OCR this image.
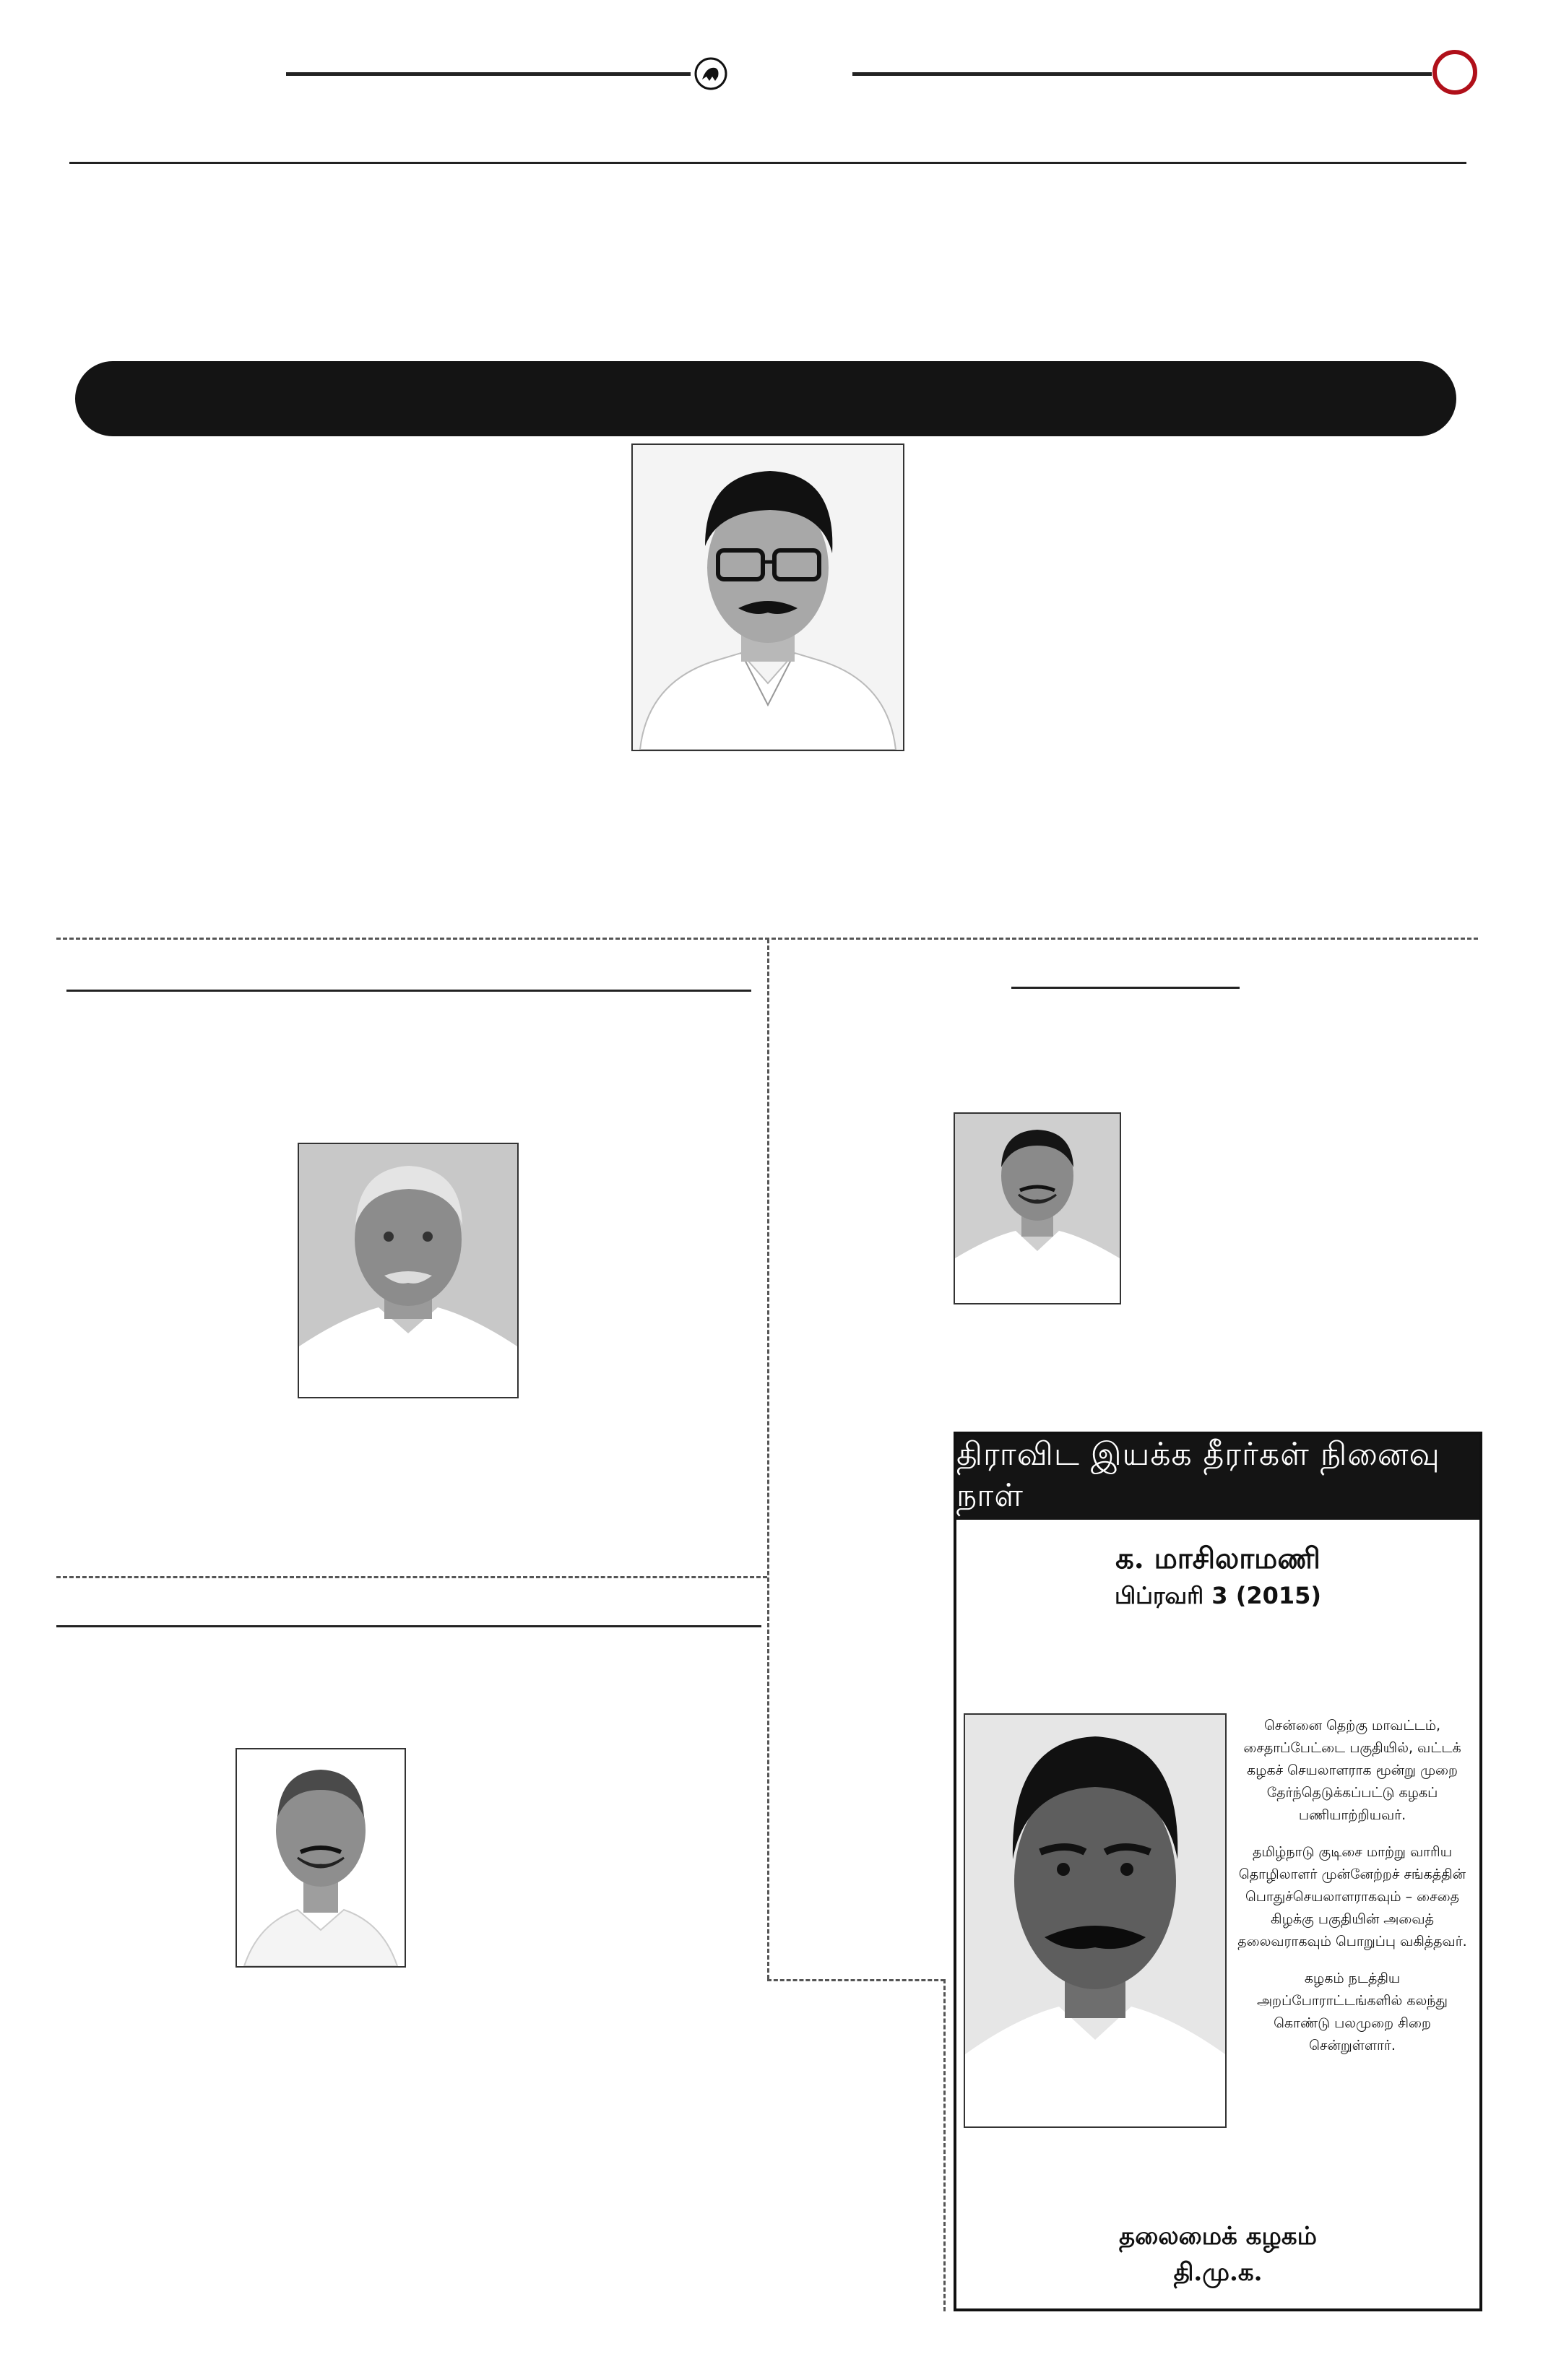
திராவிட இயக்க தீரர்கள் நினைவு நாள்
க. மாசிலாமணி
பிப்ரவரி 3 (2015)

சென்னை தெற்கு மாவட்டம், சைதாப்பேட்டை பகுதியில், வட்டக் கழகச் செயலாளராக மூன்று முறை தேர்ந்தெடுக்கப்பட்டு கழகப் பணியாற்றியவர்.

தமிழ்நாடு குடிசை மாற்று வாரிய தொழிலாளர் முன்னேற்றச் சங்கத்தின் பொதுச்செயலாளராகவும் – சைதை கிழக்கு பகுதியின் அவைத் தலைவராகவும் பொறுப்பு வகித்தவர்.

கழகம் நடத்திய அறப்போராட்டங்களில் கலந்து கொண்டு பலமுறை சிறை சென்றுள்ளார்.

தலைமைக் கழகம்
தி.மு.க.
